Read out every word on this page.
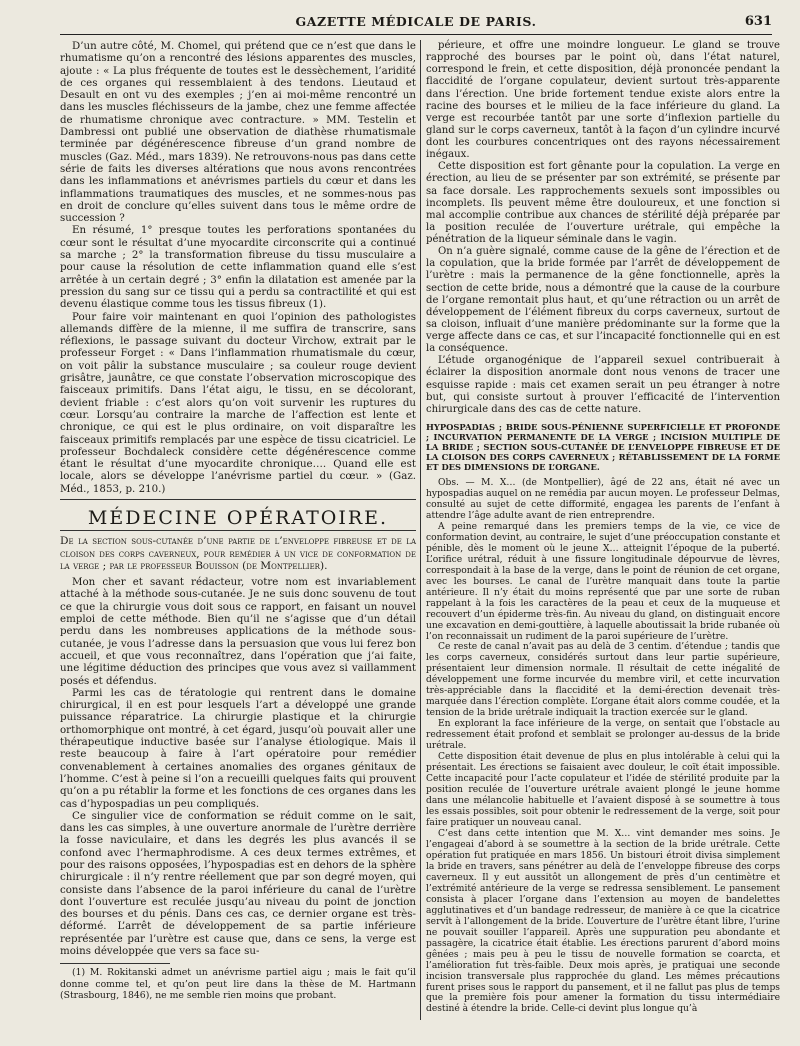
GAZETTE MÉDICALE DE PARIS.	631

D’un autre côté, M. Chomel, qui prétend que ce n’est que dans le rhumatisme qu’on a rencontré des lésions apparentes des muscles, ajoute : « La plus fréquente de toutes est le dessèchement, l’aridité de ces organes qui ressemblaient à des tendons. Lieutaud et Desault en ont vu des exemples ; j’en ai moi-même rencontré un dans les muscles fléchisseurs de la jambe, chez une femme affectée de rhumatisme chronique avec contracture. » MM. Testelin et Dambressi ont publié une observation de diathèse rhumatismale terminée par dégénérescence fibreuse d’un grand nombre de muscles (Gaz. Méd., mars 1839). Ne retrouvons-nous pas dans cette série de faits les diverses altérations que nous avons rencontrées dans les inflammations et anévrismes partiels du cœur et dans les inflammations traumatiques des muscles, et ne sommes-nous pas en droit de conclure qu’elles suivent dans tous le même ordre de succession ?

En résumé, 1° presque toutes les perforations spontanées du cœur sont le résultat d’une myocardite circonscrite qui a continué sa marche ; 2° la transformation fibreuse du tissu musculaire a pour cause la résolution de cette inflammation quand elle s’est arrêtée à un certain degré ; 3° enfin la dilatation est amenée par la pression du sang sur ce tissu qui a perdu sa contractilité et qui est devenu élastique comme tous les tissus fibreux (1).

Pour faire voir maintenant en quoi l’opinion des pathologistes allemands diffère de la mienne, il me suffira de transcrire, sans réflexions, le passage suivant du docteur Virchow, extrait par le professeur Forget : « Dans l’inflammation rhumatismale du cœur, on voit pâlir la substance musculaire ; sa couleur rouge devient grisâtre, jaunâtre, ce que constate l’observation microscopique des faisceaux primitifs. Dans l’état aigu, le tissu, en se décolorant, devient friable : c’est alors qu’on voit survenir les ruptures du cœur. Lorsqu’au contraire la marche de l’affection est lente et chronique, ce qui est le plus ordinaire, on voit disparaître les faisceaux primitifs remplacés par une espèce de tissu cicatriciel. Le professeur Bochdaleck considère cette dégénérescence comme étant le résultat d’une myocardite chronique…. Quand elle est locale, alors se développe l’anévrisme partiel du cœur. » (Gaz. Méd., 1853, p. 210.)

MÉDECINE OPÉRATOIRE.

De la section sous-cutanée d’une partie de l’enveloppe fibreuse et de la cloison des corps caverneux, pour remédier à un vice de conformation de la verge ; par le professeur Bouisson (de Montpellier).

Mon cher et savant rédacteur, votre nom est invariablement attaché à la méthode sous-cutanée. Je ne suis donc souvenu de tout ce que la chirurgie vous doit sous ce rapport, en faisant un nouvel emploi de cette méthode. Bien qu’il ne s’agisse que d’un détail perdu dans les nombreuses applications de la méthode sous-cutanée, je vous l’adresse dans la persuasion que vous lui ferez bon accueil, et que vous reconnaîtrez, dans l’opération que j’ai faite, une légitime déduction des principes que vous avez si vaillamment posés et défendus.

Parmi les cas de tératologie qui rentrent dans le domaine chirurgical, il en est pour lesquels l’art a développé une grande puissance réparatrice. La chirurgie plastique et la chirurgie orthomorphique ont montré, à cet égard, jusqu’où pouvait aller une thérapeutique inductive basée sur l’analyse étiologique. Mais il reste beaucoup à faire à l’art opératoire pour remédier convenablement à certaines anomalies des organes génitaux de l’homme. C’est à peine si l’on a recueilli quelques faits qui prouvent qu’on a pu rétablir la forme et les fonctions de ces organes dans les cas d’hypospadias un peu compliqués.

Ce singulier vice de conformation se réduit comme on le sait, dans les cas simples, à une ouverture anormale de l’urètre derrière la fosse naviculaire, et dans les degrés les plus avancés il se confond avec l’hermaphrodisme. A ces deux termes extrêmes, et pour des raisons opposées, l’hypospadias est en dehors de la sphère chirurgicale : il n’y rentre réellement que par son degré moyen, qui consiste dans l’absence de la paroi inférieure du canal de l’urètre dont l’ouverture est reculée jusqu’au niveau du point de jonction des bourses et du pénis. Dans ces cas, ce dernier organe est très-déformé. L’arrêt de développement de sa partie inférieure représentée par l’urètre est cause que, dans ce sens, la verge est moins développée que vers sa face su-

(1) M. Rokitanski admet un anévrisme partiel aigu ; mais le fait qu’il donne comme tel, et qu’on peut lire dans la thèse de M. Hartmann (Strasbourg, 1846), ne me semble rien moins que probant.

périeure, et offre une moindre longueur. Le gland se trouve rapproché des bourses par le point où, dans l’état naturel, correspond le frein, et cette disposition, déjà prononcée pendant la flaccidité de l’organe copulateur, devient surtout très-apparente dans l’érection. Une bride fortement tendue existe alors entre la racine des bourses et le milieu de la face inférieure du gland. La verge est recourbée tantôt par une sorte d’inflexion partielle du gland sur le corps caverneux, tantôt à la façon d’un cylindre incurvé dont les courbures concentriques ont des rayons nécessairement inégaux.

Cette disposition est fort gênante pour la copulation. La verge en érection, au lieu de se présenter par son extrémité, se présente par sa face dorsale. Les rapprochements sexuels sont impossibles ou incomplets. Ils peuvent même être douloureux, et une fonction si mal accomplie contribue aux chances de stérilité déjà préparée par la position reculée de l’ouverture urétrale, qui empêche la pénétration de la liqueur séminale dans le vagin.

On n’a guère signalé, comme cause de la gêne de l’érection et de la copulation, que la bride formée par l’arrêt de développement de l’urètre : mais la permanence de la gêne fonctionnelle, après la section de cette bride, nous a démontré que la cause de la courbure de l’organe remontait plus haut, et qu’une rétraction ou un arrêt de développement de l’élément fibreux du corps caverneux, surtout de sa cloison, influait d’une manière prédominante sur la forme que la verge affecte dans ce cas, et sur l’incapacité fonctionnelle qui en est la conséquence.

L’étude organogénique de l’appareil sexuel contribuerait à éclairer la disposition anormale dont nous venons de tracer une esquisse rapide : mais cet examen serait un peu étranger à notre but, qui consiste surtout à prouver l’efficacité de l’intervention chirurgicale dans des cas de cette nature.

HYPOSPADIAS ; BRIDE SOUS-PÉNIENNE SUPERFICIELLE ET PROFONDE ; INCURVATION PERMANENTE DE LA VERGE ; INCISION MULTIPLE DE LA BRIDE ; SECTION SOUS-CUTANÉE DE L’ENVELOPPE FIBREUSE ET DE LA CLOISON DES CORPS CAVERNEUX ; RÉTABLISSEMENT DE LA FORME ET DES DIMENSIONS DE L’ORGANE.

Obs. — M. X… (de Montpellier), âgé de 22 ans, était né avec un hypospadias auquel on ne remédia par aucun moyen. Le professeur Delmas, consulté au sujet de cette difformité, engagea les parents de l’enfant à attendre l’âge adulte avant de rien entreprendre.

A peine remarqué dans les premiers temps de la vie, ce vice de conformation devint, au contraire, le sujet d’une préoccupation constante et pénible, dès le moment où le jeune X… atteignit l’époque de la puberté. L’orifice urétral, réduit à une fissure longitudinale dépourvue de lèvres, correspondait à la base de la verge, dans le point de réunion de cet organe, avec les bourses. Le canal de l’urètre manquait dans toute la partie antérieure. Il n’y était du moins représenté que par une sorte de ruban rappelant à la fois les caractères de la peau et ceux de la muqueuse et recouvert d’un épiderme très-fin. Au niveau du gland, on distinguait encore une excavation en demi-gouttière, à laquelle aboutissait la bride rubanée où l’on reconnaissait un rudiment de la paroi supérieure de l’urètre.

Ce reste de canal n’avait pas au delà de 3 centim. d’étendue ; tandis que les corps caverneux, considérés surtout dans leur partie supérieure, présentaient leur dimension normale. Il résultait de cette inégalité de développement une forme incurvée du membre viril, et cette incurvation très-appréciable dans la flaccidité et la demi-érection devenait très-marquée dans l’érection complète. L’organe était alors comme coudée, et la tension de la bride urétrale indiquait la traction exercée sur le gland.

En explorant la face inférieure de la verge, on sentait que l’obstacle au redressement était profond et semblait se prolonger au-dessus de la bride urétrale.

Cette disposition était devenue de plus en plus intolérable à celui qui la présentait. Les érections se faisaient avec douleur, le coït était impossible. Cette incapacité pour l’acte copulateur et l’idée de stérilité produite par la position reculée de l’ouverture urétrale avaient plongé le jeune homme dans une mélancolie habituelle et l’avaient disposé à se soumettre à tous les essais possibles, soit pour obtenir le redressement de la verge, soit pour faire pratiquer un nouveau canal.

C’est dans cette intention que M. X… vint demander mes soins. Je l’engageai d’abord à se soumettre à la section de la bride urétrale. Cette opération fut pratiquée en mars 1856. Un bistouri étroit divisa simplement la bride en travers, sans pénétrer au delà de l’enveloppe fibreuse des corps caverneux. Il y eut aussitôt un allongement de près d’un centimètre et l’extrémité antérieure de la verge se redressa sensiblement. Le pansement consista à placer l’organe dans l’extension au moyen de bandelettes agglutinatives et d’un bandage redresseur, de manière à ce que la cicatrice servît à l’allongement de la bride. L’ouverture de l’urètre étant libre, l’urine ne pouvait souiller l’appareil. Après une suppuration peu abondante et passagère, la cicatrice était établie. Les érections parurent d’abord moins gênées ; mais peu à peu le tissu de nouvelle formation se coarcta, et l’amélioration fut très-faible. Deux mois après, je pratiquai une seconde incision transversale plus rapprochée du gland. Les mêmes précautions furent prises sous le rapport du pansement, et il ne fallut pas plus de temps que la première fois pour amener la formation du tissu intermédiaire destiné à étendre la bride. Celle-ci devint plus longue qu’à
